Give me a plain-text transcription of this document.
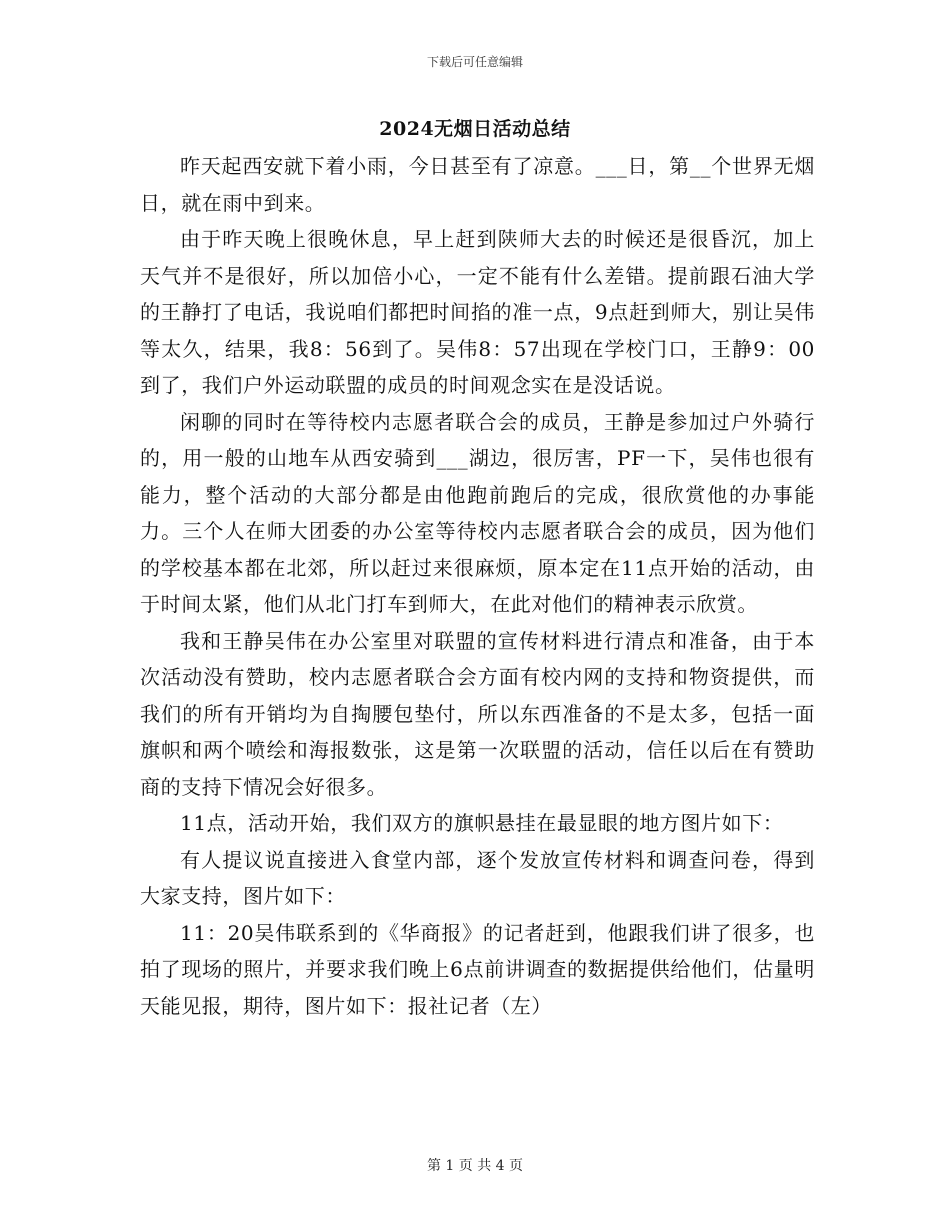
下载后可任意编辑
2024无烟日活动总结

昨天起西安就下着小雨，今日甚至有了凉意。___日，第__个世界无烟日，就在雨中到来。

由于昨天晚上很晚休息，早上赶到陕师大去的时候还是很昏沉，加上天气并不是很好，所以加倍小心，一定不能有什么差错。提前跟石油大学的王静打了电话，我说咱们都把时间掐的准一点，9点赶到师大，别让吴伟等太久，结果，我8：56到了。吴伟8：57出现在学校门口，王静9：00到了，我们户外运动联盟的成员的时间观念实在是没话说。

闲聊的同时在等待校内志愿者联合会的成员，王静是参加过户外骑行的，用一般的山地车从西安骑到___湖边，很厉害，PF一下，吴伟也很有能力，整个活动的大部分都是由他跑前跑后的完成，很欣赏他的办事能力。三个人在师大团委的办公室等待校内志愿者联合会的成员，因为他们的学校基本都在北郊，所以赶过来很麻烦，原本定在11点开始的活动，由于时间太紧，他们从北门打车到师大，在此对他们的精神表示欣赏。

我和王静吴伟在办公室里对联盟的宣传材料进行清点和准备，由于本次活动没有赞助，校内志愿者联合会方面有校内网的支持和物资提供，而我们的所有开销均为自掏腰包垫付，所以东西准备的不是太多，包括一面旗帜和两个喷绘和海报数张，这是第一次联盟的活动，信任以后在有赞助商的支持下情况会好很多。

11点，活动开始，我们双方的旗帜悬挂在最显眼的地方图片如下：

有人提议说直接进入食堂内部，逐个发放宣传材料和调查问卷，得到大家支持，图片如下：

11：20吴伟联系到的《华商报》的记者赶到，他跟我们讲了很多，也拍了现场的照片，并要求我们晚上6点前讲调查的数据提供给他们，估量明天能见报，期待，图片如下：报社记者（左）

第 1 页 共 4 页
